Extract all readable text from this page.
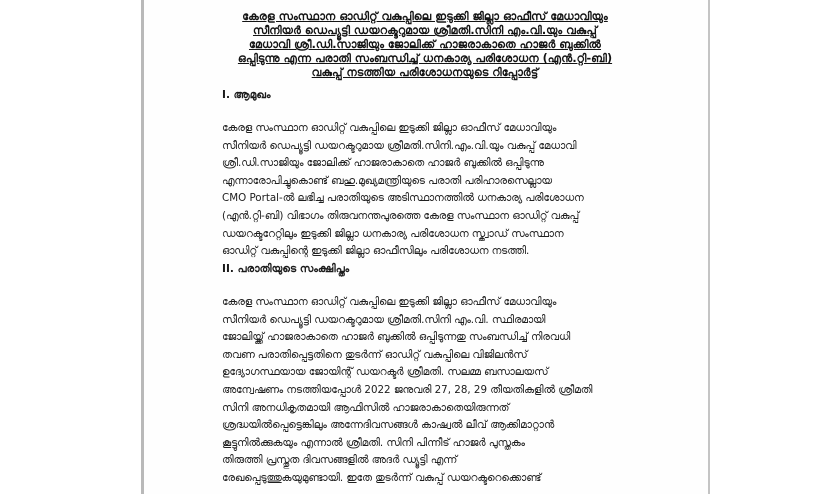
കേരള സംസ്ഥാന ഓഡിറ്റ് വകുപ്പിലെ ഇടുക്കി ജില്ലാ ഓഫീസ് മേധാവിയും
സീനിയർ ഡെപ്യൂട്ടി ഡയറക്ടറുമായ ശ്രീമതി.സിനി എം.വി.യും വകുപ്പ്
മേധാവി ശ്രീ.ഡി.സാജിയും ജോലിക്ക് ഹാജരാകാതെ ഹാജർ ബുക്കിൽ
ഒപ്പിടുന്നു എന്ന പരാതി സംബന്ധിച്ച് ധനകാര്യ പരിശോധന (എൻ.റ്റി-ബി)
വകുപ്പ് നടത്തിയ പരിശോധനയുടെ റിപ്പോർട്ട്

I. ആമുഖം

കേരള സംസ്ഥാന ഓഡിറ്റ് വകുപ്പിലെ ഇടുക്കി ജില്ലാ ഓഫീസ് മേധാവിയും
സീനിയർ ഡെപ്യൂട്ടി ഡയറക്ടറുമായ ശ്രീമതി.സിനി.എം.വി.യും വകുപ്പ് മേധാവി
ശ്രീ.ഡി.സാജിയും ജോലിക്ക് ഹാജരാകാതെ ഹാജർ ബുക്കിൽ ഒപ്പിടുന്നു
എന്നാരോപിച്ചുകൊണ്ട് ബഹു.മുഖ്യമന്ത്രിയുടെ പരാതി പരിഹാരസെല്ലായ
CMO Portal-ൽ ലഭിച്ച പരാതിയുടെ അടിസ്ഥാനത്തിൽ ധനകാര്യ പരിശോധന
(എൻ.റ്റി-ബി) വിഭാഗം തിരുവനന്തപുരത്തെ കേരള സംസ്ഥാന ഓഡിറ്റ് വകുപ്പ്
ഡയറക്ടറേറ്റിലും ഇടുക്കി ജില്ലാ ധനകാര്യ പരിശോധന സ്ക്വാഡ് സംസ്ഥാന
ഓഡിറ്റ് വകുപ്പിന്റെ ഇടുക്കി ജില്ലാ ഓഫീസിലും പരിശോധന നടത്തി.

II. പരാതിയുടെ സംക്ഷിപ്തം

കേരള സംസ്ഥാന ഓഡിറ്റ് വകുപ്പിലെ ഇടുക്കി ജില്ലാ ഓഫീസ് മേധാവിയും
സീനിയർ ഡെപ്യൂട്ടി ഡയറക്ടറുമായ ശ്രീമതി.സിനി എം.വി. സ്ഥിരമായി
ജോലിയ്ക്ക് ഹാജരാകാതെ ഹാജർ ബുക്കിൽ ഒപ്പിടുന്നതു സംബന്ധിച്ച് നിരവധി
തവണ പരാതിപ്പെട്ടതിനെ തുടർന്ന് ഓഡിറ്റ് വകുപ്പിലെ വിജിലൻസ്
ഉദ്യോഗസ്ഥയായ ജോയിന്റ് ഡയറക്ടർ ശ്രീമതി. സലമ്മ ബസാലയസ്
അന്വേഷണം നടത്തിയപ്പോൾ 2022 ജനുവരി 27, 28, 29 തീയതികളിൽ ശ്രീമതി
സിനി അനധികൃതമായി ആഫിസിൽ ഹാജരാകാതെയിരുന്നത്
ശ്രദ്ധയിൽപ്പെട്ടെങ്കിലും അന്നേദിവസങ്ങൾ കാഷ്വൽ ലീവ് ആക്കിമാറ്റാൻ
കൂട്ടുനിൽക്കുകയും എന്നാൽ ശ്രീമതി. സിനി പിന്നീട് ഹാജർ പുസ്തകം
തിരുത്തി പ്രസ്തുത ദിവസങ്ങളിൽ അദർ ഡ്യൂട്ടി എന്ന്
രേഖപ്പെടുത്തുകയുമുണ്ടായി. ഇതേ തുടർന്ന് വകുപ്പ് ഡയറക്ടറെക്കൊണ്ട്
